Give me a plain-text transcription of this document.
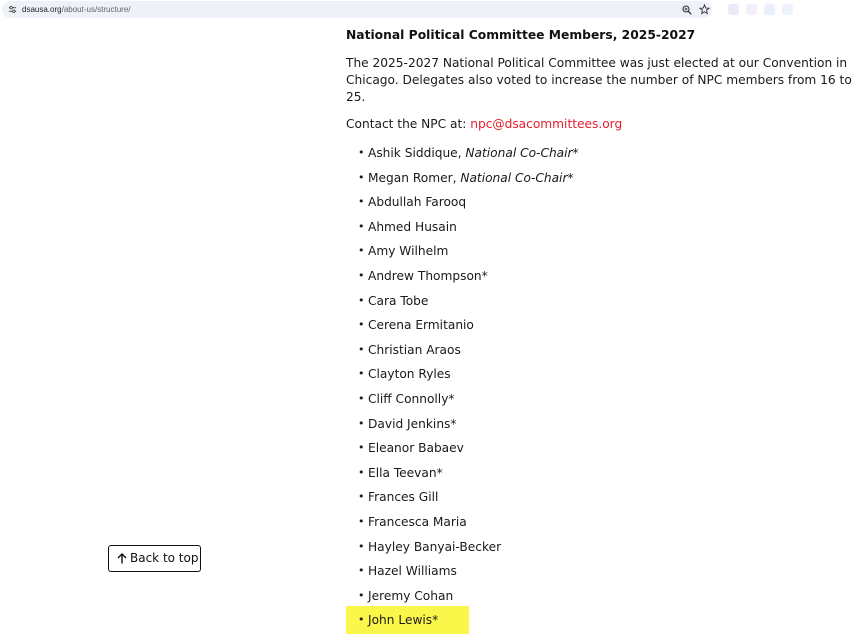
dsausa.org/about-us/structure/
National Political Committee Members, 2025-2027
The 2025-2027 National Political Committee was just elected at our Convention in
Chicago. Delegates also voted to increase the number of NPC members from 16 to
25.
Contact the NPC at: npc@dsacommittees.org
• Ashik Siddique, National Co-Chair*
• Megan Romer, National Co-Chair*
• Abdullah Farooq
• Ahmed Husain
• Amy Wilhelm
• Andrew Thompson*
• Cara Tobe
• Cerena Ermitanio
• Christian Araos
• Clayton Ryles
• Cliff Connolly*
• David Jenkins*
• Eleanor Babaev
• Ella Teevan*
• Frances Gill
• Francesca Maria
• Hayley Banyai-Becker
• Hazel Williams
• Jeremy Cohan
• John Lewis*
Back to top
